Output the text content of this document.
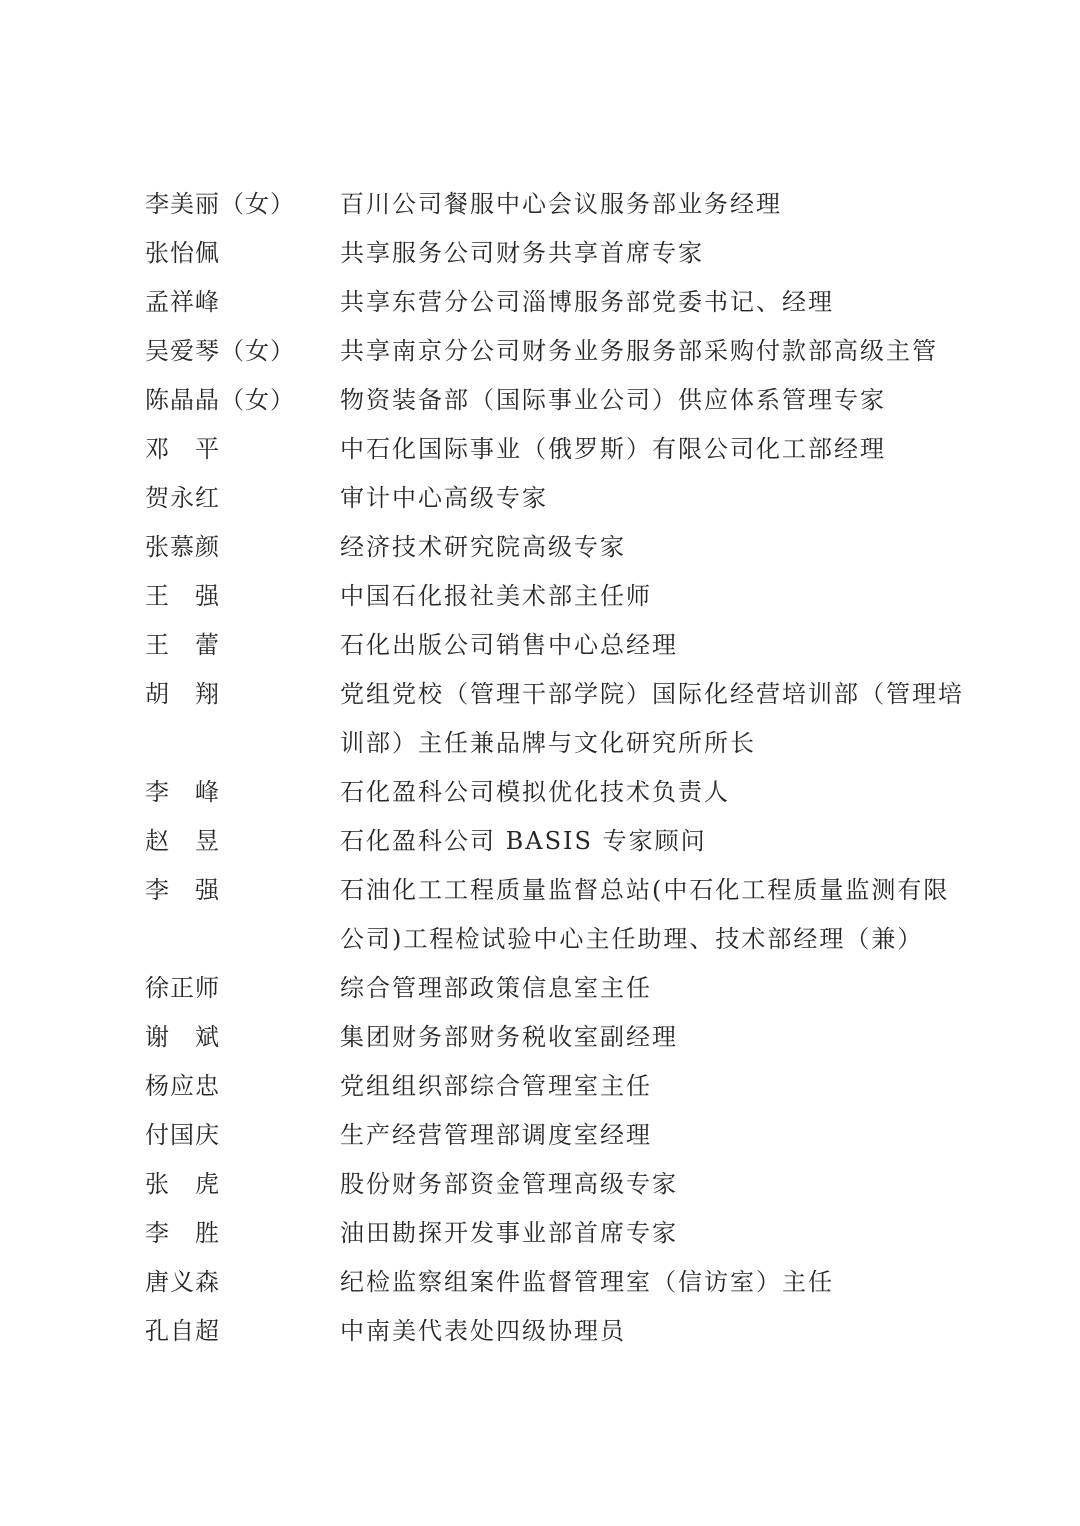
李美丽（女）	百川公司餐服中心会议服务部业务经理
张怡佩	共享服务公司财务共享首席专家
孟祥峰	共享东营分公司淄博服务部党委书记、经理
吴爱琴（女）	共享南京分公司财务业务服务部采购付款部高级主管
陈晶晶（女）	物资装备部（国际事业公司）供应体系管理专家
邓　平	中石化国际事业（俄罗斯）有限公司化工部经理
贺永红	审计中心高级专家
张慕颜	经济技术研究院高级专家
王　强	中国石化报社美术部主任师
王　蕾	石化出版公司销售中心总经理
胡　翔	党组党校（管理干部学院）国际化经营培训部（管理培
训部）主任兼品牌与文化研究所所长
李　峰	石化盈科公司模拟优化技术负责人
赵　昱	石化盈科公司 BASIS 专家顾问
李　强	石油化工工程质量监督总站(中石化工程质量监测有限
公司)工程检试验中心主任助理、技术部经理（兼）
徐正师	综合管理部政策信息室主任
谢　斌	集团财务部财务税收室副经理
杨应忠	党组组织部综合管理室主任
付国庆	生产经营管理部调度室经理
张　虎	股份财务部资金管理高级专家
李　胜	油田勘探开发事业部首席专家
唐义森	纪检监察组案件监督管理室（信访室）主任
孔自超	中南美代表处四级协理员
